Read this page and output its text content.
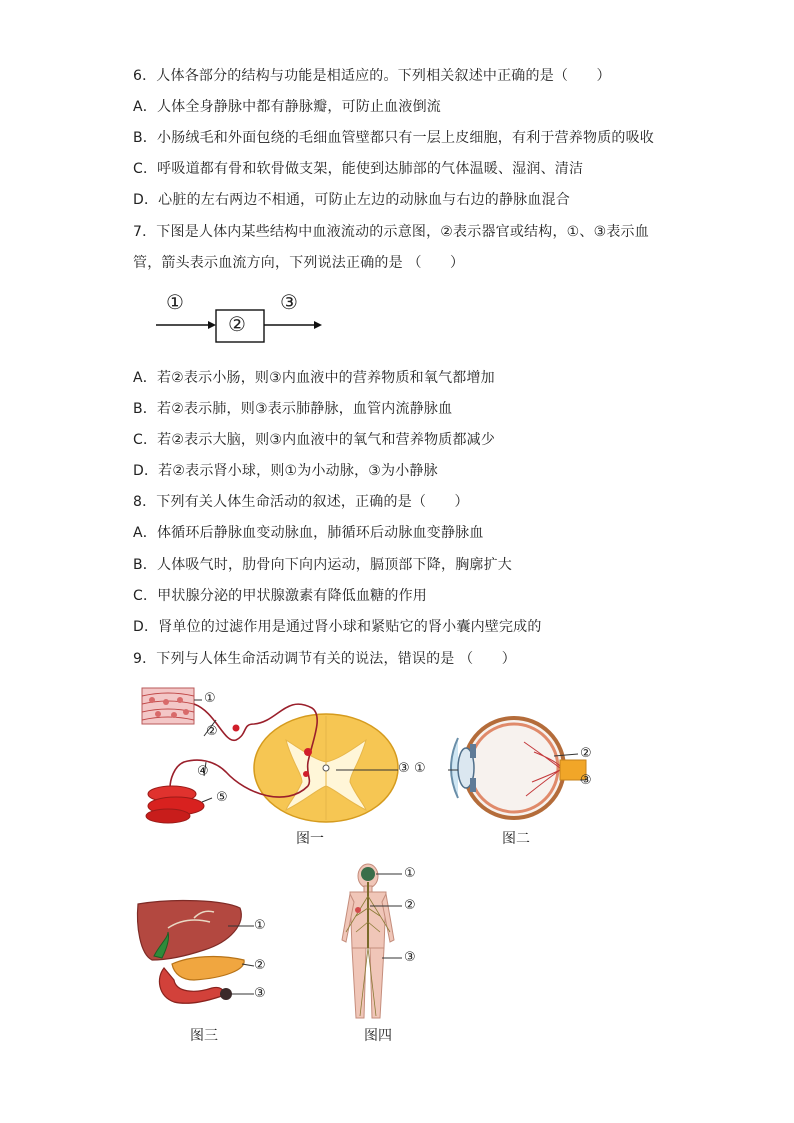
6．人体各部分的结构与功能是相适应的。下列相关叙述中正确的是（　　）
A．人体全身静脉中都有静脉瓣，可防止血液倒流
B．小肠绒毛和外面包绕的毛细血管壁都只有一层上皮细胞，有利于营养物质的吸收
C．呼吸道都有骨和软骨做支架，能使到达肺部的气体温暖、湿润、清洁
D．心脏的左右两边不相通，可防止左边的动脉血与右边的静脉血混合
7．下图是人体内某些结构中血液流动的示意图，②表示器官或结构，①、③表示血
管，箭头表示血流方向，下列说法正确的是 （　　）
①
②
③
A．若②表示小肠，则③内血液中的营养物质和氧气都增加
B．若②表示肺，则③表示肺静脉，血管内流静脉血
C．若②表示大脑，则③内血液中的氧气和营养物质都减少
D．若②表示肾小球，则①为小动脉，③为小静脉
8．下列有关人体生命活动的叙述，正确的是（　　）
A．体循环后静脉血变动脉血，肺循环后动脉血变静脉血
B．人体吸气时，肋骨向下向内运动，膈顶部下降，胸廓扩大
C．甲状腺分泌的甲状腺激素有降低血糖的作用
D．肾单位的过滤作用是通过肾小球和紧贴它的肾小囊内壁完成的
9．下列与人体生命活动调节有关的说法，错误的是 （　　）
①
②
③
④
⑤
图一
①
②
③
图二
①
②
③
图三
①
②
③
图四
